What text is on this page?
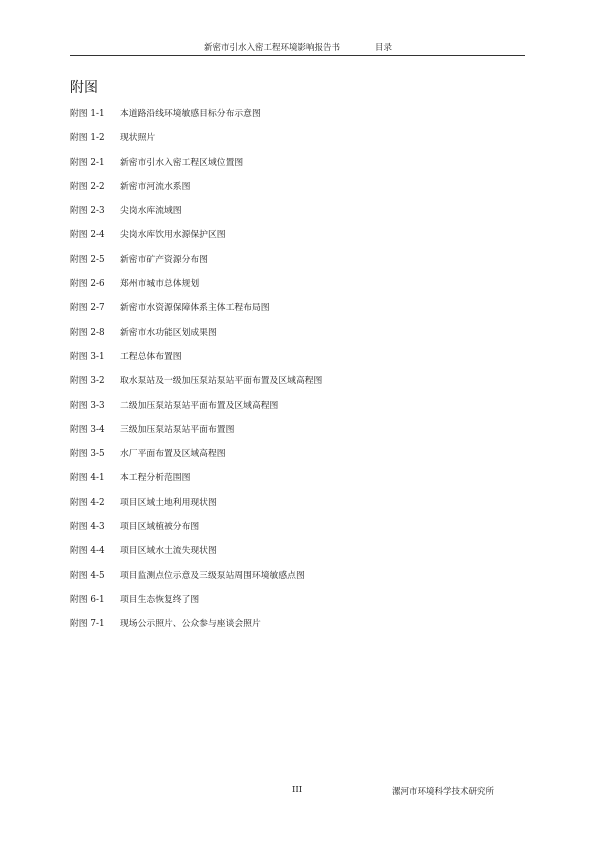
新密市引水入密工程环境影响报告书	目录
附图
附图 1-1 本道路沿线环境敏感目标分布示意图
附图 1-2 现状照片
附图 2-1 新密市引水入密工程区域位置图
附图 2-2 新密市河流水系图
附图 2-3 尖岗水库流域图
附图 2-4 尖岗水库饮用水源保护区图
附图 2-5 新密市矿产资源分布图
附图 2-6 郑州市城市总体规划
附图 2-7 新密市水资源保障体系主体工程布局图
附图 2-8 新密市水功能区划成果图
附图 3-1 工程总体布置图
附图 3-2 取水泵站及一级加压泵站泵站平面布置及区域高程图
附图 3-3 二级加压泵站泵站平面布置及区域高程图
附图 3-4 三级加压泵站泵站平面布置图
附图 3-5 水厂平面布置及区域高程图
附图 4-1 本工程分析范围图
附图 4-2 项目区域土地利用现状图
附图 4-3 项目区域植被分布图
附图 4-4 项目区域水土流失现状图
附图 4-5 项目监测点位示意及三级泵站周围环境敏感点图
附图 6-1 项目生态恢复终了图
附图 7-1 现场公示照片、公众参与座谈会照片
III	漯河市环境科学技术研究所
